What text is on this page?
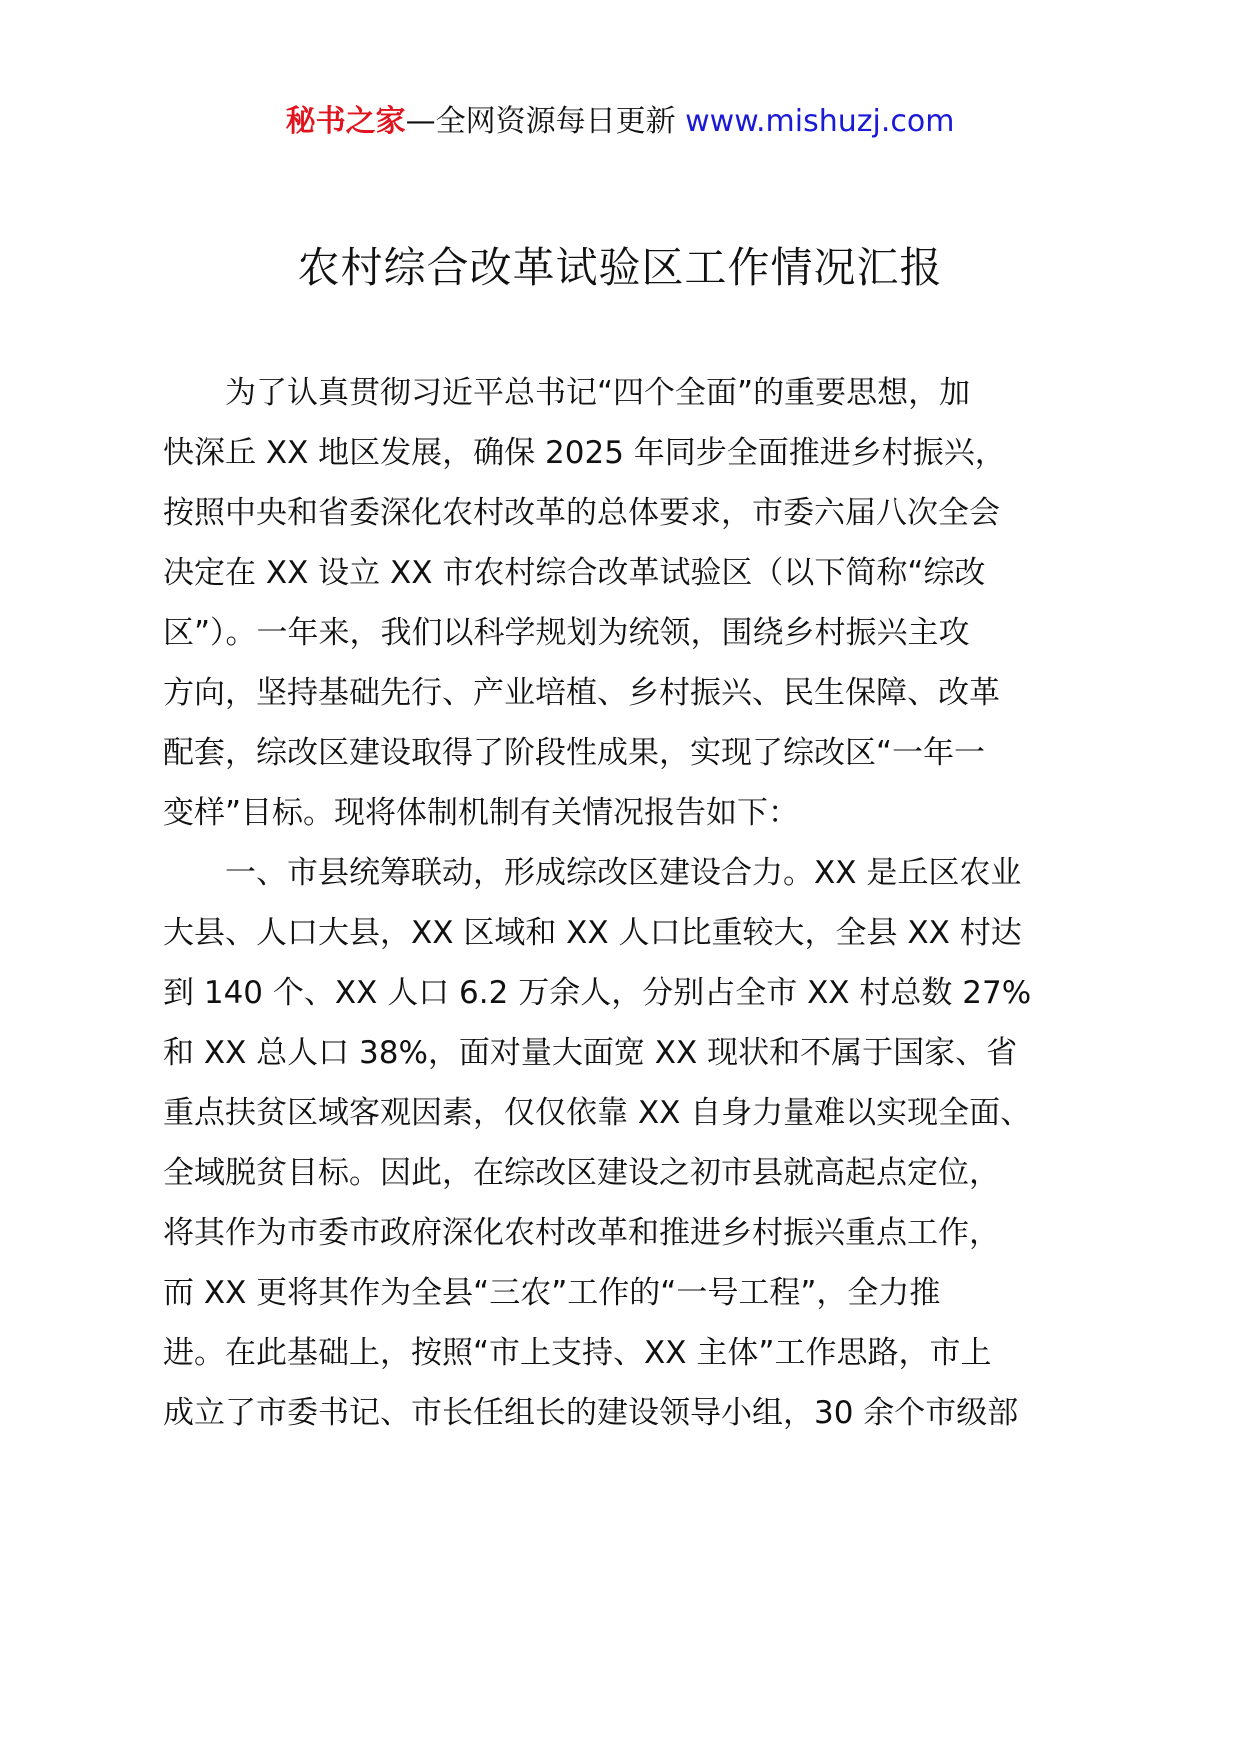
秘书之家—全网资源每日更新 www.mishuzj.com
农村综合改革试验区工作情况汇报
　　为了认真贯彻习近平总书记“四个全面”的重要思想，加
快深丘 XX 地区发展，确保 2025 年同步全面推进乡村振兴，
按照中央和省委深化农村改革的总体要求，市委六届八次全会
决定在 XX 设立 XX 市农村综合改革试验区（以下简称“综改
区”）。一年来，我们以科学规划为统领，围绕乡村振兴主攻
方向，坚持基础先行、产业培植、乡村振兴、民生保障、改革
配套，综改区建设取得了阶段性成果，实现了综改区“一年一
变样”目标。现将体制机制有关情况报告如下：
　　一、市县统筹联动，形成综改区建设合力。XX 是丘区农业
大县、人口大县，XX 区域和 XX 人口比重较大，全县 XX 村达
到 140 个、XX 人口 6.2 万余人，分别占全市 XX 村总数 27%
和 XX 总人口 38%，面对量大面宽 XX 现状和不属于国家、省
重点扶贫区域客观因素，仅仅依靠 XX 自身力量难以实现全面、
全域脱贫目标。因此，在综改区建设之初市县就高起点定位，
将其作为市委市政府深化农村改革和推进乡村振兴重点工作，
而 XX 更将其作为全县“三农”工作的“一号工程”，全力推
进。在此基础上，按照“市上支持、XX 主体”工作思路，市上
成立了市委书记、市长任组长的建设领导小组，30 余个市级部
